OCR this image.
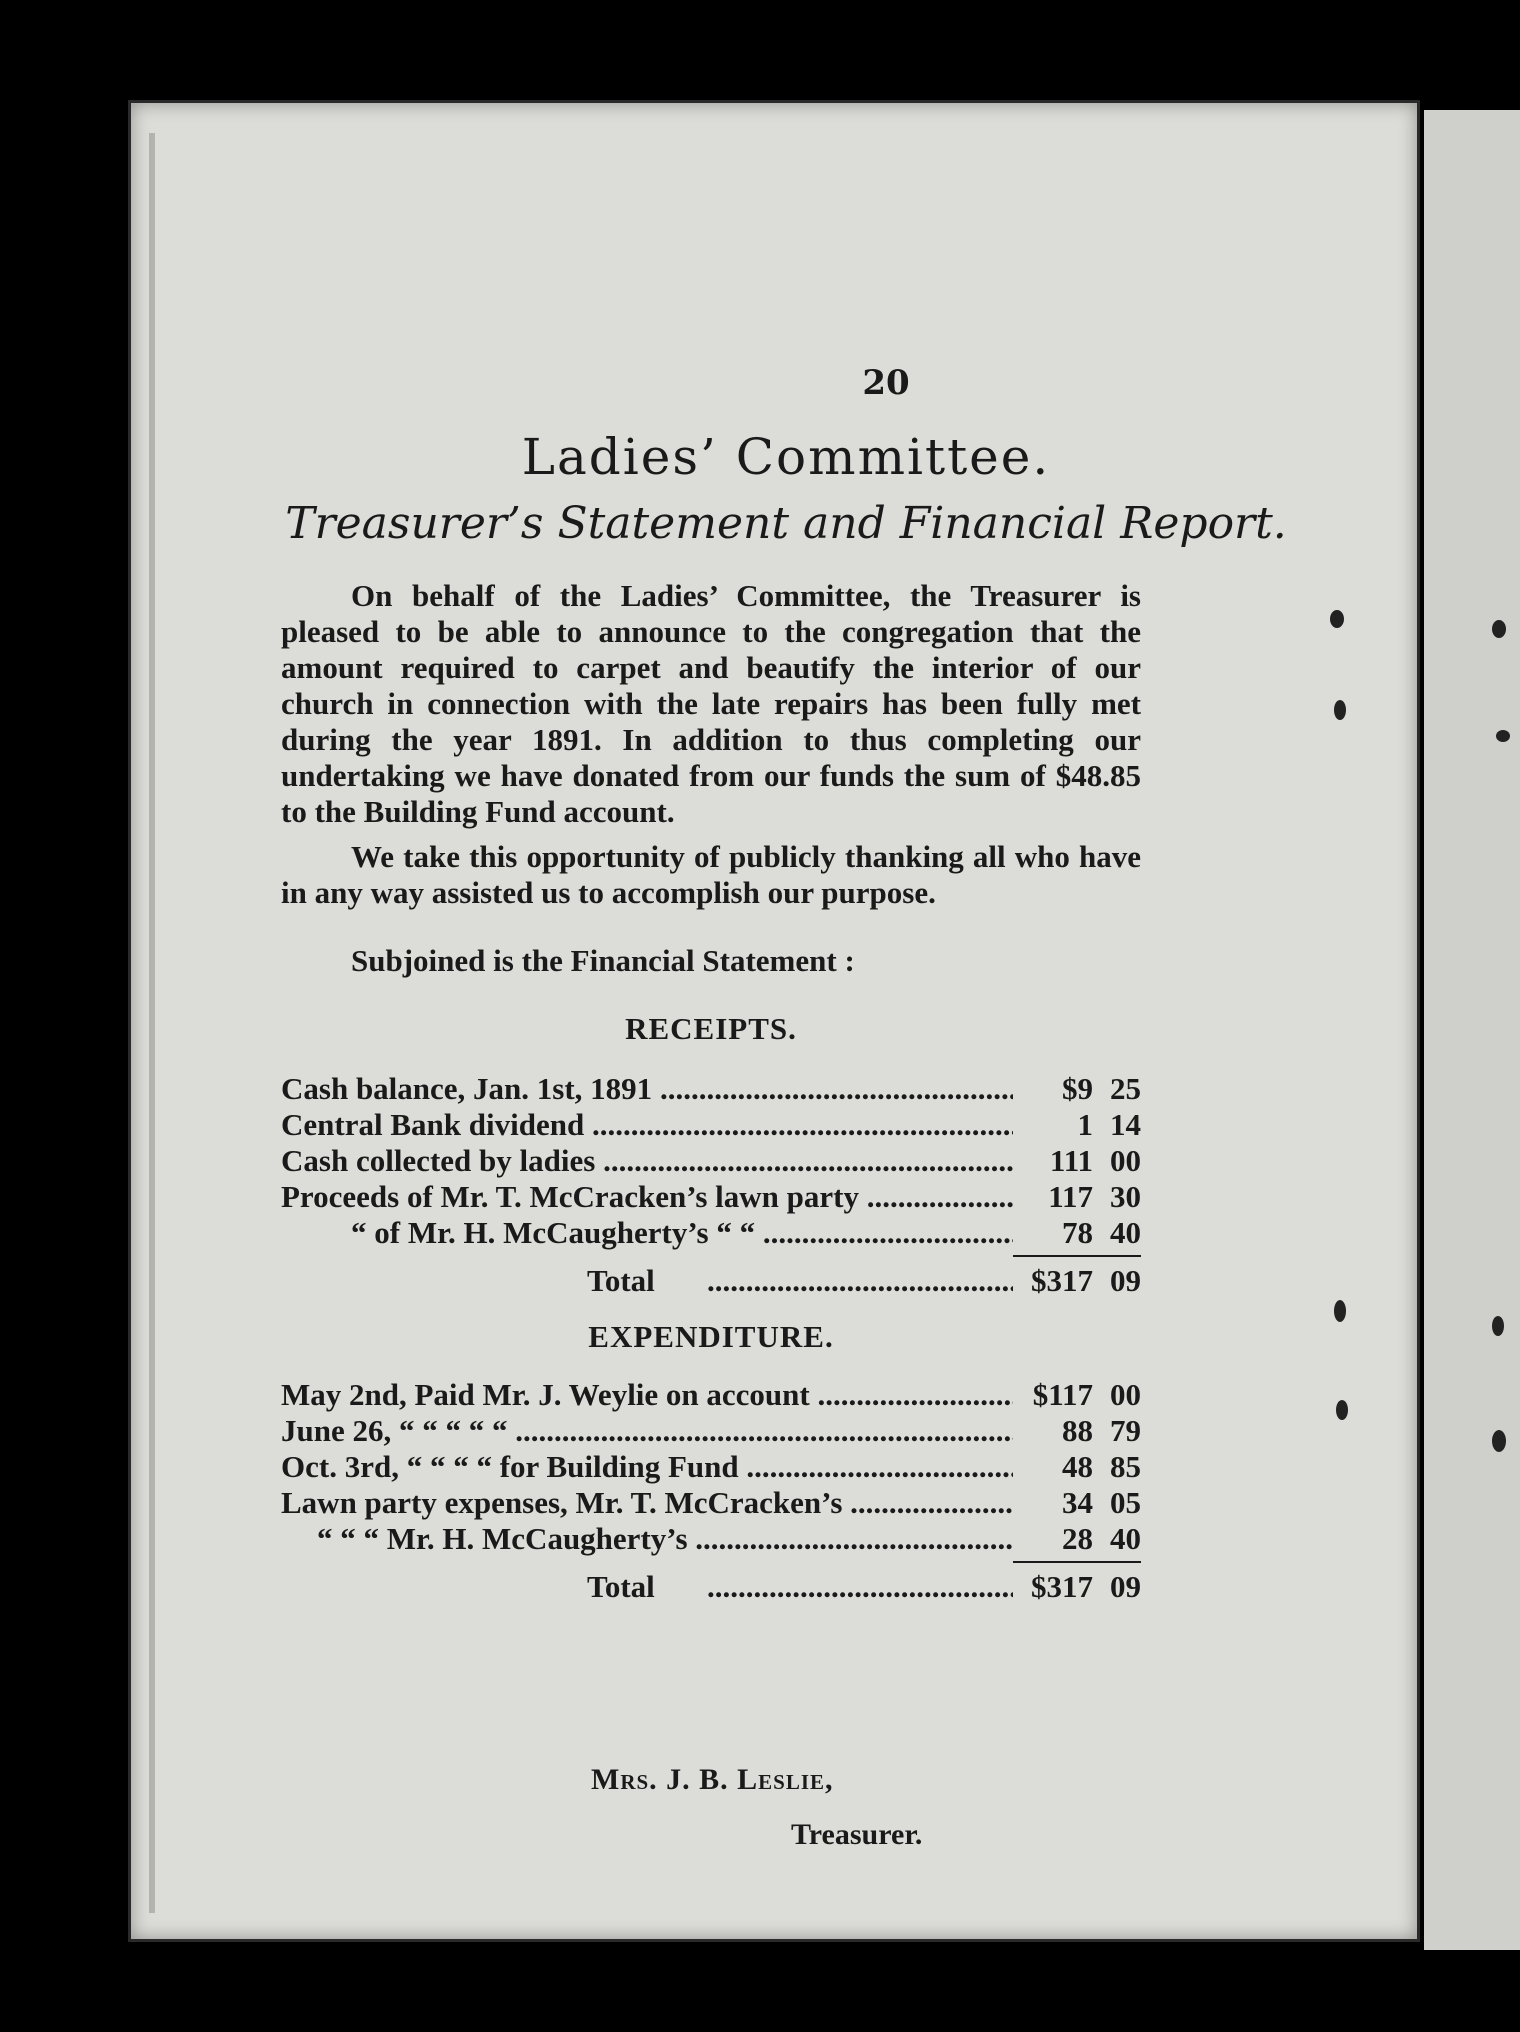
20
Ladies’ Committee.
Treasurer’s Statement and Financial Report.

On behalf of the Ladies’ Committee, the Treasurer is pleased to be able to announce to the congregation that the amount required to carpet and beautify the interior of our church in connection with the late repairs has been fully met during the year 1891. In addition to thus completing our undertaking we have donated from our funds the sum of $48.85 to the Building Fund account.

We take this opportunity of publicly thanking all who have in any way assisted us to accomplish our purpose.

Subjoined is the Financial Statement :
RECEIPTS.
Cash balance, Jan. 1st, 1891 .....	$9 25
Central Bank dividend .....	1 14
Cash collected by ladies .....	111 00
Proceeds of Mr. T. McCracken’s lawn party .....	117 30
“ of Mr. H. McCaugherty’s “ “ .....	78 40
Total .....	$317 09
EXPENDITURE.
May 2nd, Paid Mr. J. Weylie on account .....	$117 00
June 26, “ “ “ “ “ .....	88 79
Oct. 3rd, “ “ “ “ for Building Fund .....	48 85
Lawn party expenses, Mr. T. McCracken’s .....	34 05
“ “ “ Mr. H. McCaugherty’s .....	28 40
Total .....	$317 09
Mrs. J. B. Leslie,
Treasurer.
